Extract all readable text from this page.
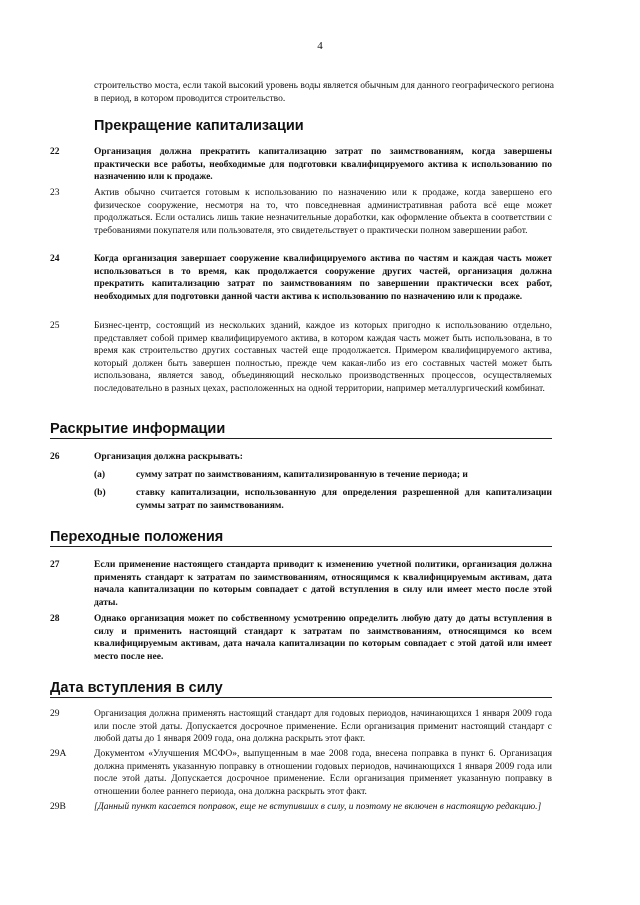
4
строительство моста, если такой высокий уровень воды является обычным для данного географического региона в период, в котором проводится строительство.
Прекращение капитализации
22	Организация должна прекратить капитализацию затрат по заимствованиям, когда завершены практически все работы, необходимые для подготовки квалифицируемого актива к использованию по назначению или к продаже.
23	Актив обычно считается готовым к использованию по назначению или к продаже, когда завершено его физическое сооружение, несмотря на то, что повседневная административная работа всё еще может продолжаться. Если остались лишь такие незначительные доработки, как оформление объекта в соответствии с требованиями покупателя или пользователя, это свидетельствует о практически полном завершении работ.
24	Когда организация завершает сооружение квалифицируемого актива по частям и каждая часть может использоваться в то время, как продолжается сооружение других частей, организация должна прекратить капитализацию затрат по заимствованиям по завершении практически всех работ, необходимых для подготовки данной части актива к использованию по назначению или к продаже.
25	Бизнес-центр, состоящий из нескольких зданий, каждое из которых пригодно к использованию отдельно, представляет собой пример квалифицируемого актива, в котором каждая часть может быть использована, в то время как строительство других составных частей еще продолжается. Примером квалифицируемого актива, который должен быть завершен полностью, прежде чем какая-либо из его составных частей может быть использована, является завод, объединяющий несколько производственных процессов, осуществляемых последовательно в разных цехах, расположенных на одной территории, например металлургический комбинат.
Раскрытие информации
26	Организация должна раскрывать:
(a)	сумму затрат по заимствованиям, капитализированную в течение периода; и
(b)	ставку капитализации, использованную для определения разрешенной для капитализации суммы затрат по заимствованиям.
Переходные положения
27	Если применение настоящего стандарта приводит к изменению учетной политики, организация должна применять стандарт к затратам по заимствованиям, относящимся к квалифицируемым активам, дата начала капитализации по которым совпадает с датой вступления в силу или имеет место после этой даты.
28	Однако организация может по собственному усмотрению определить любую дату до даты вступления в силу и применить настоящий стандарт к затратам по заимствованиям, относящимся ко всем квалифицируемым активам, дата начала капитализации по которым совпадает с этой датой или имеет место после нее.
Дата вступления в силу
29	Организация должна применять настоящий стандарт для годовых периодов, начинающихся 1 января 2009 года или после этой даты. Допускается досрочное применение. Если организация применит настоящий стандарт с любой даты до 1 января 2009 года, она должна раскрыть этот факт.
29A	Документом «Улучшения МСФО», выпущенным в мае 2008 года, внесена поправка в пункт 6. Организация должна применять указанную поправку в отношении годовых периодов, начинающихся 1 января 2009 года или после этой даты. Допускается досрочное применение. Если организация применяет указанную поправку в отношении более раннего периода, она должна раскрыть этот факт.
29B	[Данный пункт касается поправок, еще не вступивших в силу, и поэтому не включен в настоящую редакцию.]
